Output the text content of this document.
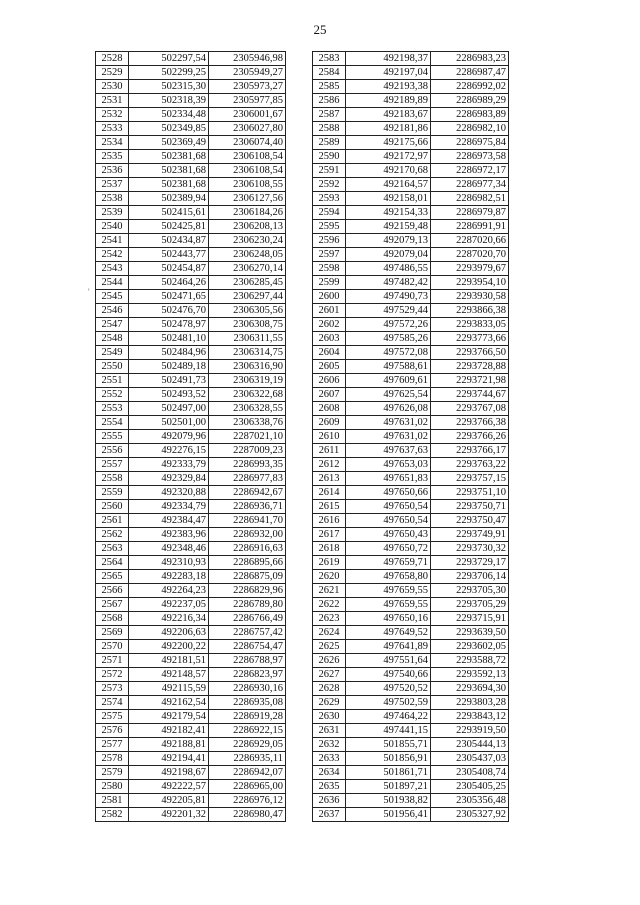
25
2528	502297,54	2305946,98
2529	502299,25	2305949,27
2530	502315,30	2305973,27
2531	502318,39	2305977,85
2532	502334,48	2306001,67
2533	502349,85	2306027,80
2534	502369,49	2306074,40
2535	502381,68	2306108,54
2536	502381,68	2306108,54
2537	502381,68	2306108,55
2538	502389,94	2306127,56
2539	502415,61	2306184,26
2540	502425,81	2306208,13
2541	502434,87	2306230,24
2542	502443,77	2306248,05
2543	502454,87	2306270,14
2544	502464,26	2306285,45
2545	502471,65	2306297,44
2546	502476,70	2306305,56
2547	502478,97	2306308,75
2548	502481,10	2306311,55
2549	502484,96	2306314,75
2550	502489,18	2306316,90
2551	502491,73	2306319,19
2552	502493,52	2306322,68
2553	502497,00	2306328,55
2554	502501,00	2306338,76
2555	492079,96	2287021,10
2556	492276,15	2287009,23
2557	492333,79	2286993,35
2558	492329,84	2286977,83
2559	492320,88	2286942,67
2560	492334,79	2286936,71
2561	492384,47	2286941,70
2562	492383,96	2286932,00
2563	492348,46	2286916,63
2564	492310,93	2286895,66
2565	492283,18	2286875,09
2566	492264,23	2286829,96
2567	492237,05	2286789,80
2568	492216,34	2286766,49
2569	492206,63	2286757,42
2570	492200,22	2286754,47
2571	492181,51	2286788,97
2572	492148,57	2286823,97
2573	492115,59	2286930,16
2574	492162,54	2286935,08
2575	492179,54	2286919,28
2576	492182,41	2286922,15
2577	492188,81	2286929,05
2578	492194,41	2286935,11
2579	492198,67	2286942,07
2580	492222,57	2286965,00
2581	492205,81	2286976,12
2582	492201,32	2286980,47
2583	492198,37	2286983,23
2584	492197,04	2286987,47
2585	492193,38	2286992,02
2586	492189,89	2286989,29
2587	492183,67	2286983,89
2588	492181,86	2286982,10
2589	492175,66	2286975,84
2590	492172,97	2286973,58
2591	492170,68	2286972,17
2592	492164,57	2286977,34
2593	492158,01	2286982,51
2594	492154,33	2286979,87
2595	492159,48	2286991,91
2596	492079,13	2287020,66
2597	492079,04	2287020,70
2598	497486,55	2293979,67
2599	497482,42	2293954,10
2600	497490,73	2293930,58
2601	497529,44	2293866,38
2602	497572,26	2293833,05
2603	497585,26	2293773,66
2604	497572,08	2293766,50
2605	497588,61	2293728,88
2606	497609,61	2293721,98
2607	497625,54	2293744,67
2608	497626,08	2293767,08
2609	497631,02	2293766,38
2610	497631,02	2293766,26
2611	497637,63	2293766,17
2612	497653,03	2293763,22
2613	497651,83	2293757,15
2614	497650,66	2293751,10
2615	497650,54	2293750,71
2616	497650,54	2293750,47
2617	497650,43	2293749,91
2618	497650,72	2293730,32
2619	497659,71	2293729,17
2620	497658,80	2293706,14
2621	497659,55	2293705,30
2622	497659,55	2293705,29
2623	497650,16	2293715,91
2624	497649,52	2293639,50
2625	497641,89	2293602,05
2626	497551,64	2293588,72
2627	497540,66	2293592,13
2628	497520,52	2293694,30
2629	497502,59	2293803,28
2630	497464,22	2293843,12
2631	497441,15	2293919,50
2632	501855,71	2305444,13
2633	501856,91	2305437,03
2634	501861,71	2305408,74
2635	501897,21	2305405,25
2636	501938,82	2305356,48
2637	501956,41	2305327,92
'
